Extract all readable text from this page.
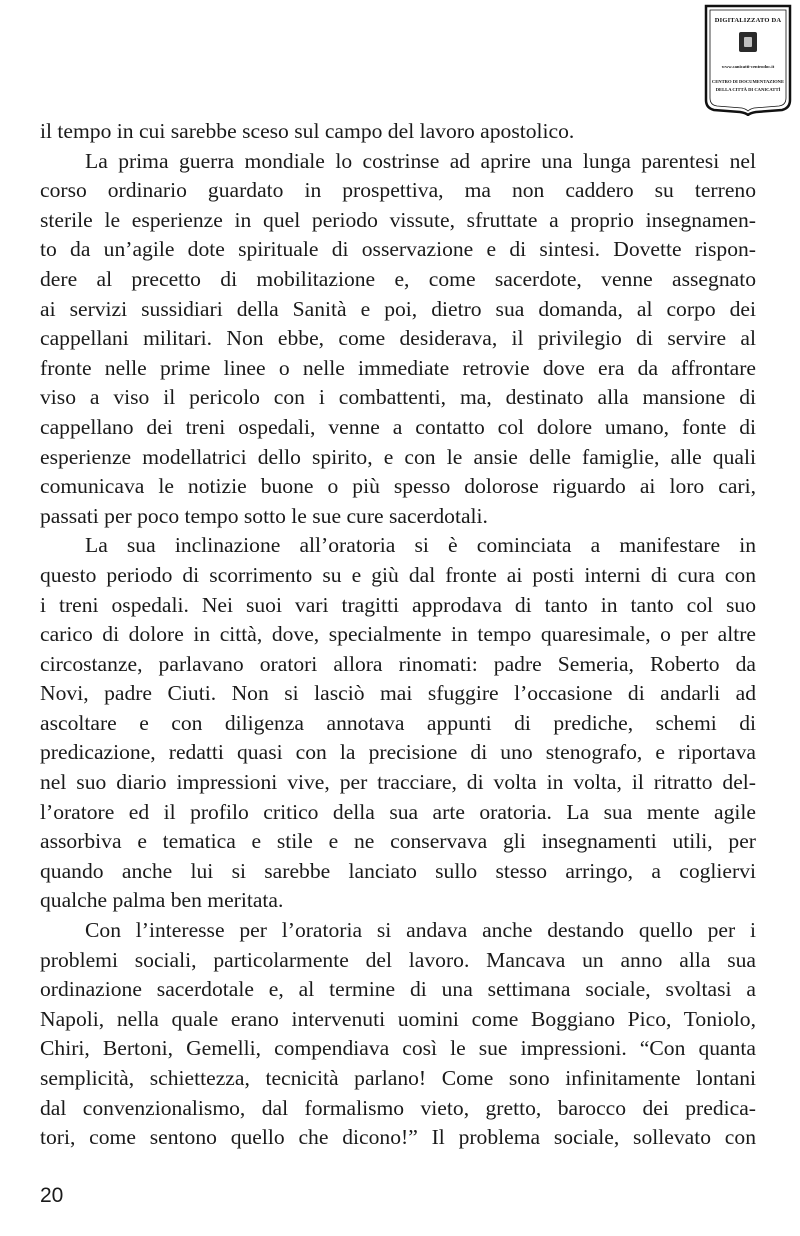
DIGITALIZZATO DA
www.canicatti-centrodoc.it
CENTRO DI DOCUMENTAZIONE
DELLA CITTÀ DI CANICATTÌ
il tempo in cui sarebbe sceso sul campo del lavoro apostolico.
La prima guerra mondiale lo costrinse ad aprire una lunga parentesi nel
corso ordinario guardato in prospettiva, ma non caddero su terreno
sterile le esperienze in quel periodo vissute, sfruttate a proprio insegnamen-
to da un’agile dote spirituale di osservazione e di sintesi. Dovette rispon-
dere al precetto di mobilitazione e, come sacerdote, venne assegnato
ai servizi sussidiari della Sanità e poi, dietro sua domanda, al corpo dei
cappellani militari. Non ebbe, come desiderava, il privilegio di servire al
fronte nelle prime linee o nelle immediate retrovie dove era da affrontare
viso a viso il pericolo con i combattenti, ma, destinato alla mansione di
cappellano dei treni ospedali, venne a contatto col dolore umano, fonte di
esperienze modellatrici dello spirito, e con le ansie delle famiglie, alle quali
comunicava le notizie buone o più spesso dolorose riguardo ai loro cari,
passati per poco tempo sotto le sue cure sacerdotali.
La sua inclinazione all’oratoria si è cominciata a manifestare in
questo periodo di scorrimento su e giù dal fronte ai posti interni di cura con
i treni ospedali. Nei suoi vari tragitti approdava di tanto in tanto col suo
carico di dolore in città, dove, specialmente in tempo quaresimale, o per altre
circostanze, parlavano oratori allora rinomati: padre Semeria, Roberto da
Novi, padre Ciuti. Non si lasciò mai sfuggire l’occasione di andarli ad
ascoltare e con diligenza annotava appunti di prediche, schemi di
predicazione, redatti quasi con la precisione di uno stenografo, e riportava
nel suo diario impressioni vive, per tracciare, di volta in volta, il ritratto del-
l’oratore ed il profilo critico della sua arte oratoria. La sua mente agile
assorbiva e tematica e stile e ne conservava gli insegnamenti utili, per
quando anche lui si sarebbe lanciato sullo stesso arringo, a cogliervi
qualche palma ben meritata.
Con l’interesse per l’oratoria si andava anche destando quello per i
problemi sociali, particolarmente del lavoro. Mancava un anno alla sua
ordinazione sacerdotale e, al termine di una settimana sociale, svoltasi a
Napoli, nella quale erano intervenuti uomini come Boggiano Pico, Toniolo,
Chiri, Bertoni, Gemelli, compendiava così le sue impressioni. “Con quanta
semplicità, schiettezza, tecnicità parlano! Come sono infinitamente lontani
dal convenzionalismo, dal formalismo vieto, gretto, barocco dei predica-
tori, come sentono quello che dicono!” Il problema sociale, sollevato con
20
